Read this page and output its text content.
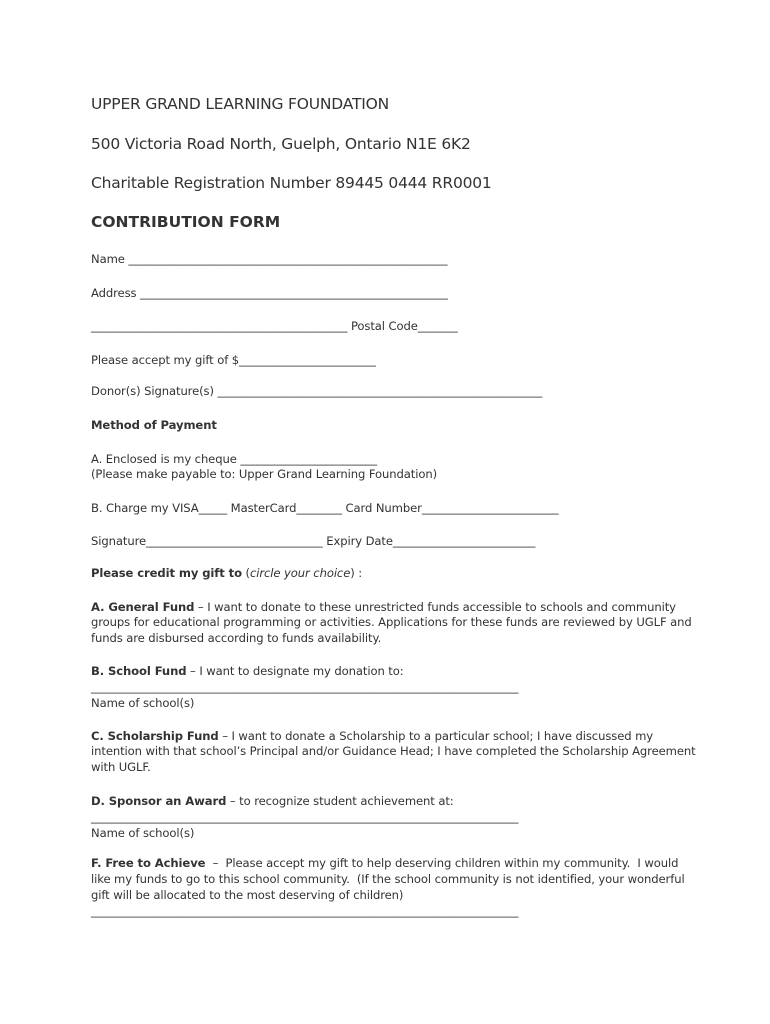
UPPER GRAND LEARNING FOUNDATION
500 Victoria Road North, Guelph, Ontario N1E 6K2
Charitable Registration Number 89445 0444 RR0001
CONTRIBUTION FORM
Name ________________________________________________________
Address ______________________________________________________
_____________________________________________ Postal Code_______
Please accept my gift of $________________________
Donor(s) Signature(s) _________________________________________________________
Method of Payment
A. Enclosed is my cheque ________________________
(Please make payable to: Upper Grand Learning Foundation)
B. Charge my VISA_____ MasterCard________ Card Number________________________
Signature_______________________________ Expiry Date_________________________
Please credit my gift to (circle your choice) :
A. General Fund – I want to donate to these unrestricted funds accessible to schools and community
groups for educational programming or activities. Applications for these funds are reviewed by UGLF and
funds are disbursed according to funds availability.
B. School Fund – I want to designate my donation to:
___________________________________________________________________________
Name of school(s)
C. Scholarship Fund – I want to donate a Scholarship to a particular school; I have discussed my
intention with that school’s Principal and/or Guidance Head; I have completed the Scholarship Agreement
with UGLF.
D. Sponsor an Award – to recognize student achievement at:
___________________________________________________________________________
Name of school(s)
F. Free to Achieve  –  Please accept my gift to help deserving children within my community.  I would
like my funds to go to this school community.  (If the school community is not identified, your wonderful
gift will be allocated to the most deserving of children)
___________________________________________________________________________
